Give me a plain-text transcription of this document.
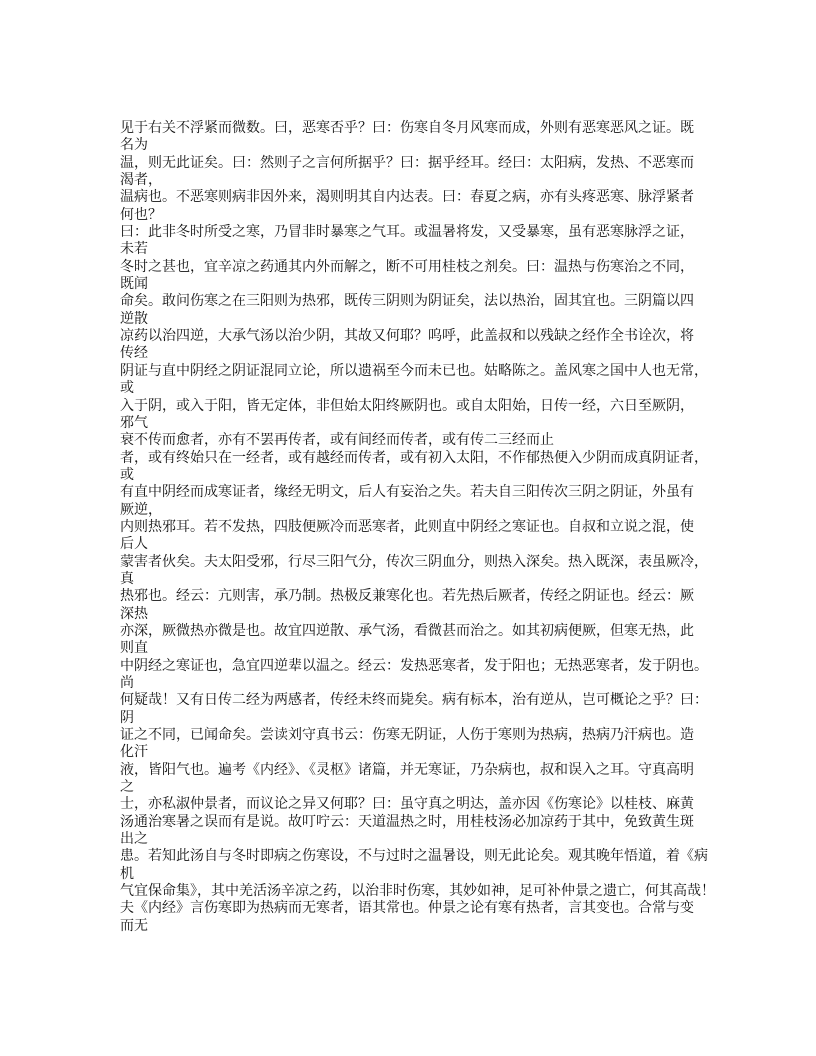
见于右关不浮紧而微数。曰，恶寒否乎？曰：伤寒自冬月风寒而成，外则有恶寒恶风之证。既
名为
温，则无此证矣。曰：然则子之言何所据乎？曰：据乎经耳。经曰：太阳病，发热、不恶寒而
渴者，
温病也。不恶寒则病非因外来，渴则明其自内达表。曰：春夏之病，亦有头疼恶寒、脉浮紧者
何也？
曰：此非冬时所受之寒，乃冒非时暴寒之气耳。或温暑将发，又受暴寒，虽有恶寒脉浮之证，
未若
冬时之甚也，宜辛凉之药通其内外而解之，断不可用桂枝之剂矣。曰：温热与伤寒治之不同，
既闻
命矣。敢问伤寒之在三阳则为热邪，既传三阴则为阴证矣，法以热治，固其宜也。三阴篇以四
逆散
凉药以治四逆，大承气汤以治少阴，其故又何耶？呜呼，此盖叔和以残缺之经作全书诠次，将
传经
阴证与直中阴经之阴证混同立论，所以遗祸至今而未已也。姑略陈之。盖风寒之国中人也无常，
或
入于阴，或入于阳，皆无定体，非但始太阳终厥阴也。或自太阳始，日传一经，六日至厥阴，
邪气
衰不传而愈者，亦有不罢再传者，或有间经而传者，或有传二三经而止
者，或有终始只在一经者，或有越经而传者，或有初入太阳，不作郁热便入少阴而成真阴证者，
或
有直中阴经而成寒证者，缘经无明文，后人有妄治之失。若夫自三阳传次三阴之阴证，外虽有
厥逆，
内则热邪耳。若不发热，四肢便厥冷而恶寒者，此则直中阴经之寒证也。自叔和立说之混，使
后人
蒙害者伙矣。夫太阳受邪，行尽三阳气分，传次三阴血分，则热入深矣。热入既深，表虽厥冷，
真
热邪也。经云：亢则害，承乃制。热极反兼寒化也。若先热后厥者，传经之阴证也。经云：厥
深热
亦深，厥微热亦微是也。故宜四逆散、承气汤，看微甚而治之。如其初病便厥，但寒无热，此
则直
中阴经之寒证也，急宜四逆辈以温之。经云：发热恶寒者，发于阳也；无热恶寒者，发于阴也。
尚
何疑哉！又有日传二经为两感者，传经未终而毙矣。病有标本，治有逆从，岂可概论之乎？曰：
阴
证之不同，已闻命矣。尝读刘守真书云：伤寒无阴证，人伤于寒则为热病，热病乃汗病也。造
化汗
液，皆阳气也。遍考《内经》、《灵枢》诸篇，并无寒证，乃杂病也，叔和误入之耳。守真高明
之
士，亦私淑仲景者，而议论之异又何耶？曰：虽守真之明达，盖亦因《伤寒论》以桂枝、麻黄
汤通治寒暑之误而有是说。故叮咛云：天道温热之时，用桂枝汤必加凉药于其中，免致黄生斑
出之
患。若知此汤自与冬时即病之伤寒设，不与过时之温暑设，则无此论矣。观其晚年悟道，着《病
机
气宜保命集》，其中羌活汤辛凉之药，以治非时伤寒，其妙如神，足可补仲景之遗亡，何其高哉！
夫《内经》言伤寒即为热病而无寒者，语其常也。仲景之论有寒有热者，言其变也。合常与变
而无
